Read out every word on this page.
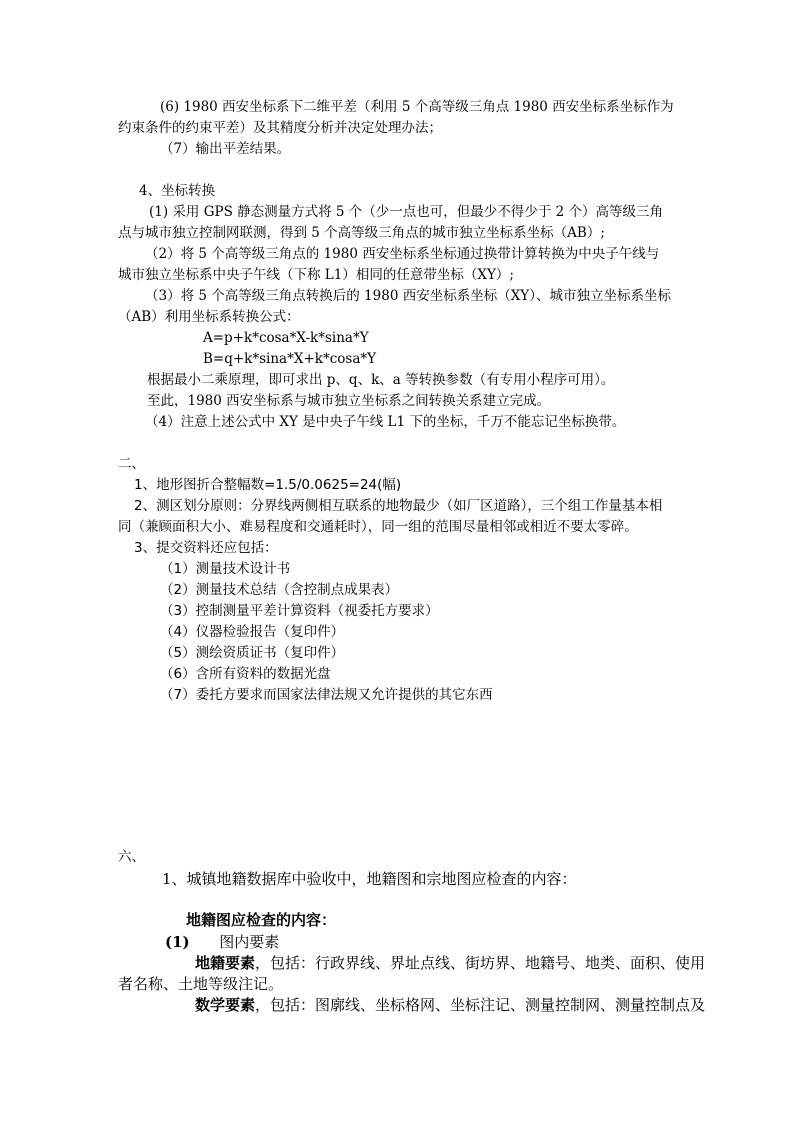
(6) 1980 西安坐标系下二维平差（利用 5 个高等级三角点 1980 西安坐标系坐标作为
约束条件的约束平差）及其精度分析并决定处理办法；
（7）输出平差结果。
4、坐标转换
(1) 采用 GPS 静态测量方式将 5 个（少一点也可，但最少不得少于 2 个）高等级三角
点与城市独立控制网联测，得到 5 个高等级三角点的城市独立坐标系坐标（AB）;
（2）将 5 个高等级三角点的 1980 西安坐标系坐标通过换带计算转换为中央子午线与
城市独立坐标系中央子午线（下称 L1）相同的任意带坐标（XY）;
（3）将 5 个高等级三角点转换后的 1980 西安坐标系坐标（XY）、城市独立坐标系坐标
（AB）利用坐标系转换公式：
A=p+k*cosa*X-k*sina*Y
B=q+k*sina*X+k*cosa*Y
根据最小二乘原理，即可求出 p、q、k、a 等转换参数（有专用小程序可用）。
至此，1980 西安坐标系与城市独立坐标系之间转换关系建立完成。
（4）注意上述公式中 XY 是中央子午线 L1 下的坐标，千万不能忘记坐标换带。
二、
1、地形图折合整幅数=1.5/0.0625=24(幅)
2、测区划分原则：分界线两侧相互联系的地物最少（如厂区道路），三个组工作量基本相
同（兼顾面积大小、难易程度和交通耗时），同一组的范围尽量相邻或相近不要太零碎。
3、提交资料还应包括：
（1）测量技术设计书
（2）测量技术总结（含控制点成果表）
（3）控制测量平差计算资料（视委托方要求）
（4）仪器检验报告（复印件）
（5）测绘资质证书（复印件）
（6）含所有资料的数据光盘
（7）委托方要求而国家法律法规又允许提供的其它东西
六、
1、城镇地籍数据库中验收中，地籍图和宗地图应检查的内容：
地籍图应检查的内容：
(1) 图内要素
地籍要素，包括：行政界线、界址点线、街坊界、地籍号、地类、面积、使用
者名称、土地等级注记。
数学要素，包括：图廓线、坐标格网、坐标注记、测量控制网、测量控制点及
